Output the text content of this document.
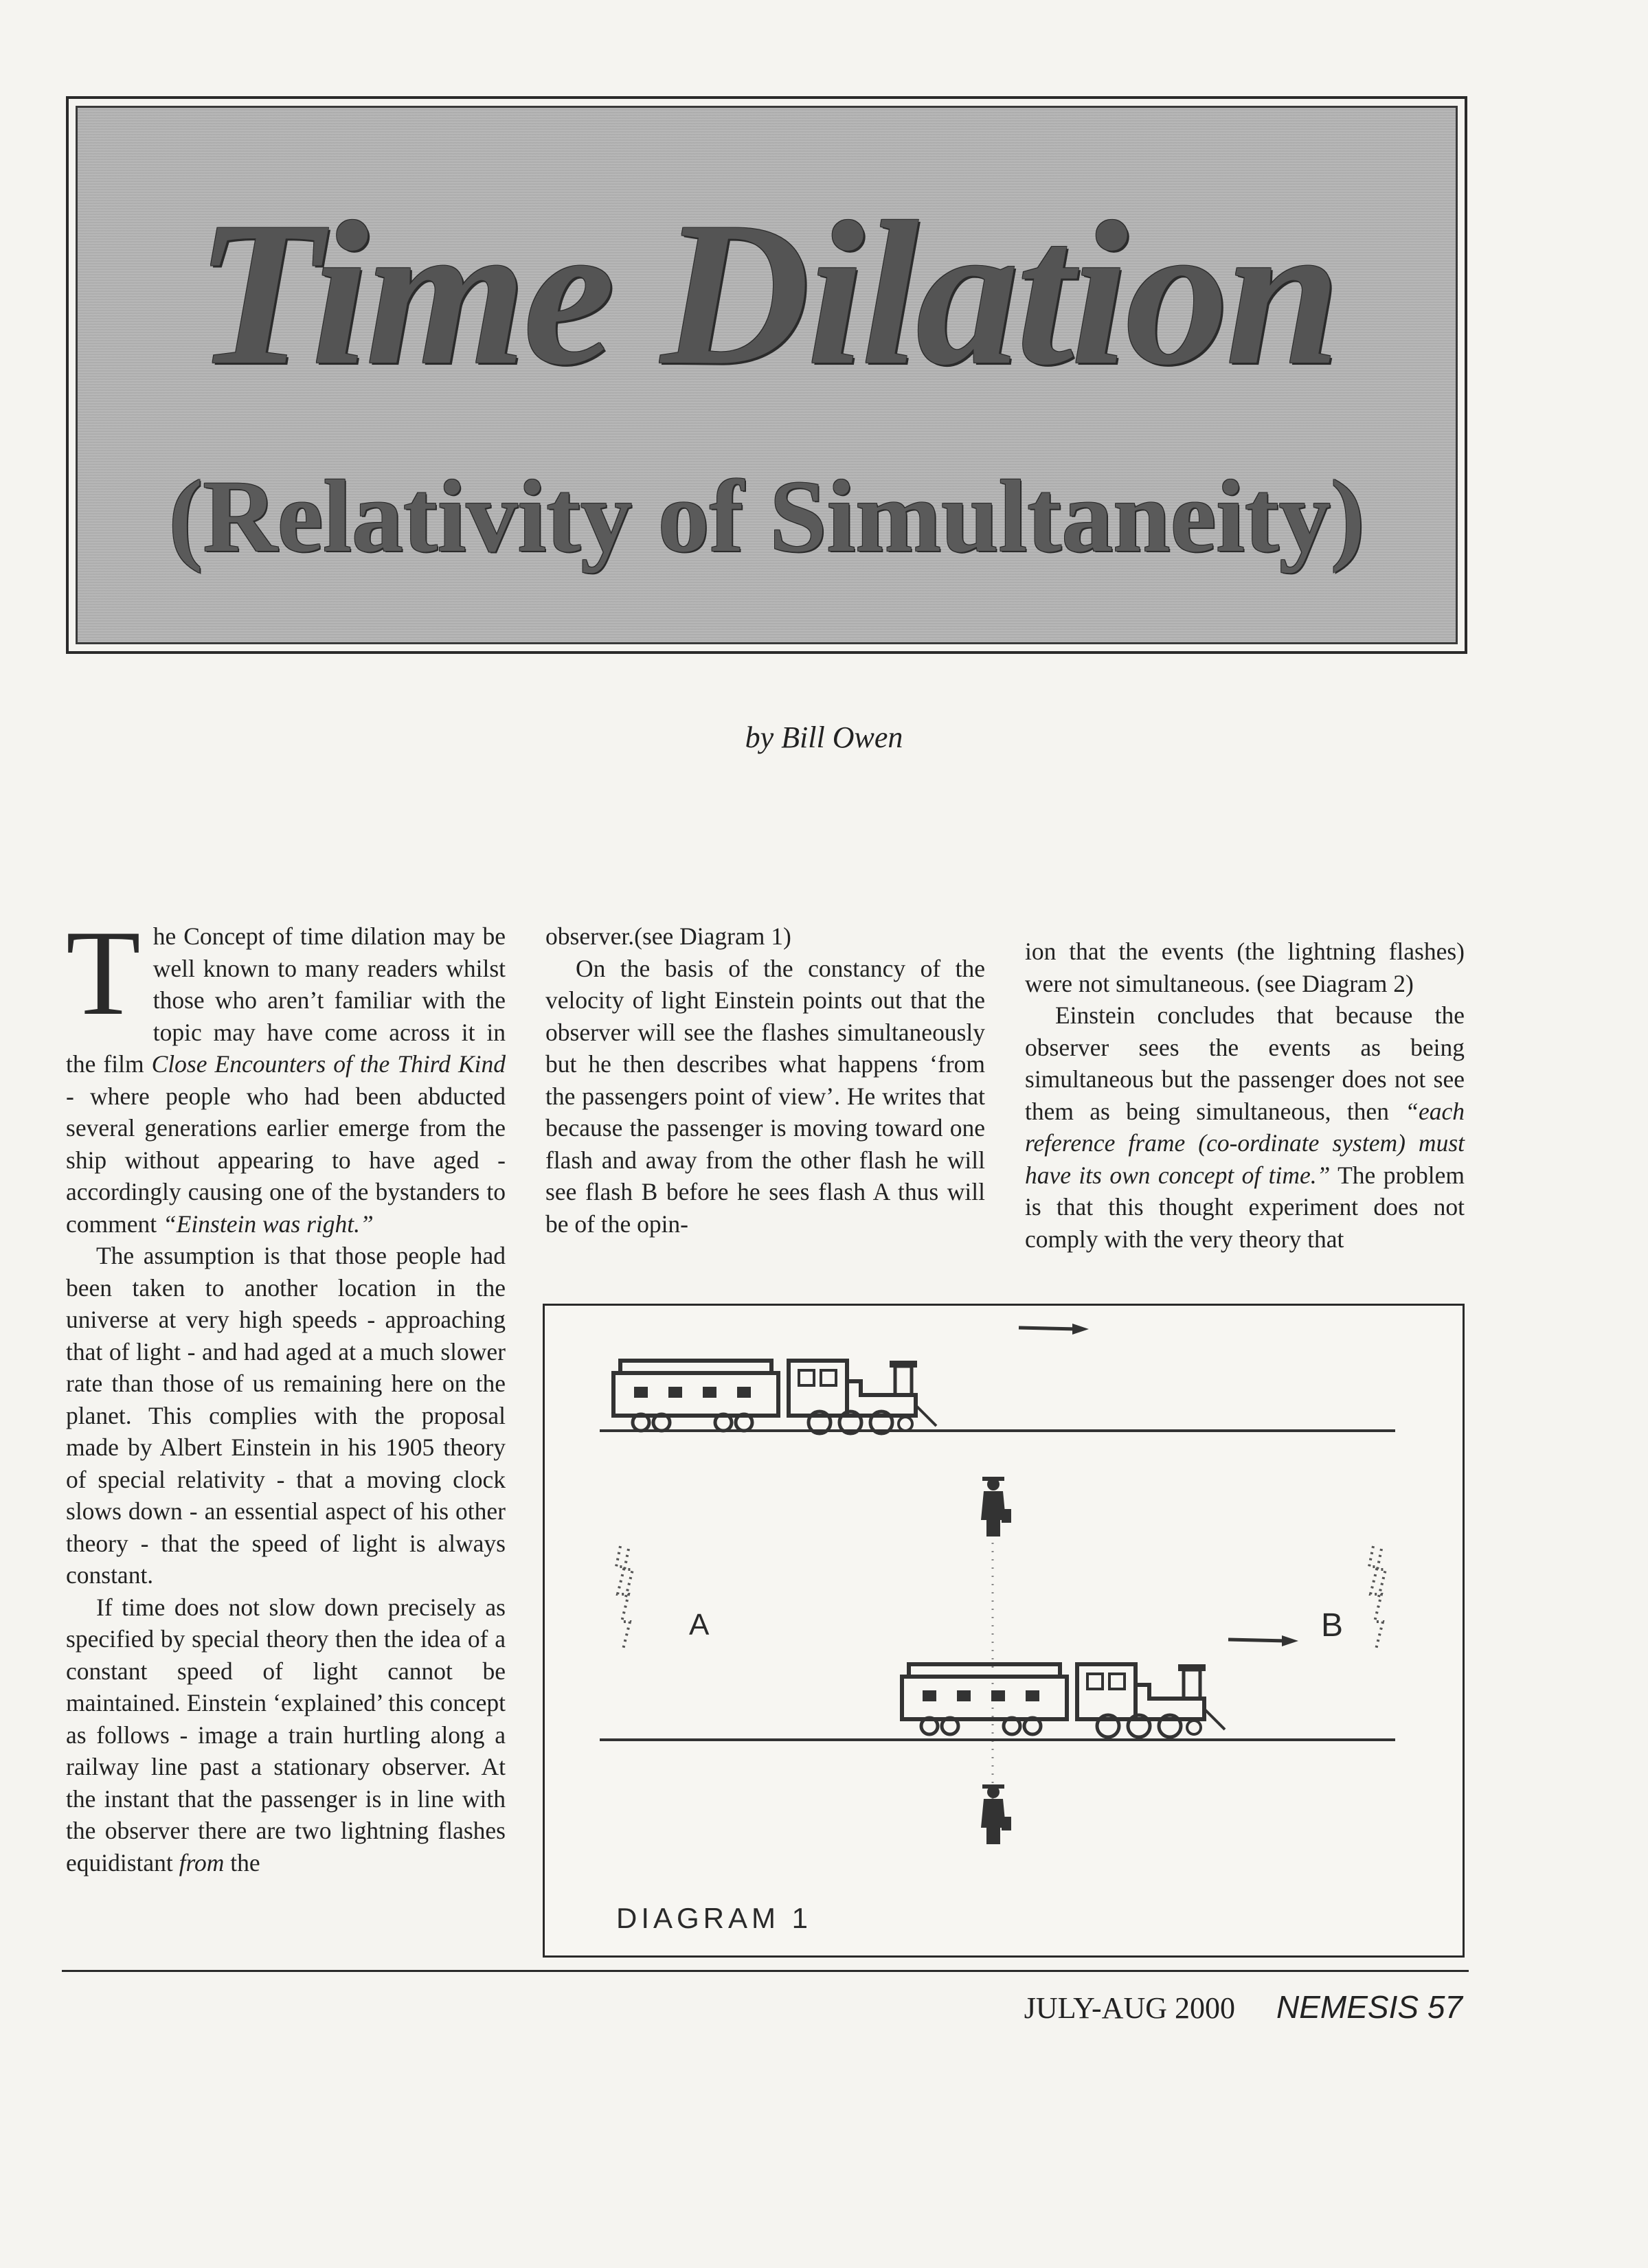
Time Dilation
(Relativity of Simultaneity)
by Bill Owen

The Concept of time dilation may be well known to many readers whilst those who aren’t familiar with the topic may have come across it in the film Close Encounters of the Third Kind - where people who had been abducted several generations earlier emerge from the ship without appearing to have aged - accordingly causing one of the bystanders to comment “Einstein was right.”

The assumption is that those people had been taken to another location in the universe at very high speeds - approaching that of light - and had aged at a much slower rate than those of us remaining here on the planet. This complies with the proposal made by Albert Einstein in his 1905 theory of special relativity - that a moving clock slows down - an essential aspect of his other theory - that the speed of light is always constant.

If time does not slow down precisely as specified by special theory then the idea of a constant speed of light cannot be maintained. Einstein ‘explained’ this concept as follows - image a train hurtling along a railway line past a stationary observer. At the instant that the passenger is in line with the observer there are two lightning flashes equidistant from the

observer.(see Diagram 1)

On the basis of the constancy of the velocity of light Einstein points out that the observer will see the flashes simultaneously but he then describes what happens ‘from the passengers point of view’. He writes that because the passenger is moving toward one flash and away from the other flash he will see flash B before he sees flash A thus will be of the opin-

ion that the events (the lightning flashes) were not simultaneous. (see Diagram 2)

Einstein concludes that because the observer sees the events as being simultaneous but the passenger does not see them as being simultaneous, then “each reference frame (co-ordinate system) must have its own concept of time.” The problem is that this thought experiment does not comply with the very theory that

A	B
DIAGRAM 1
JULY-AUG 2000 NEMESIS 57
